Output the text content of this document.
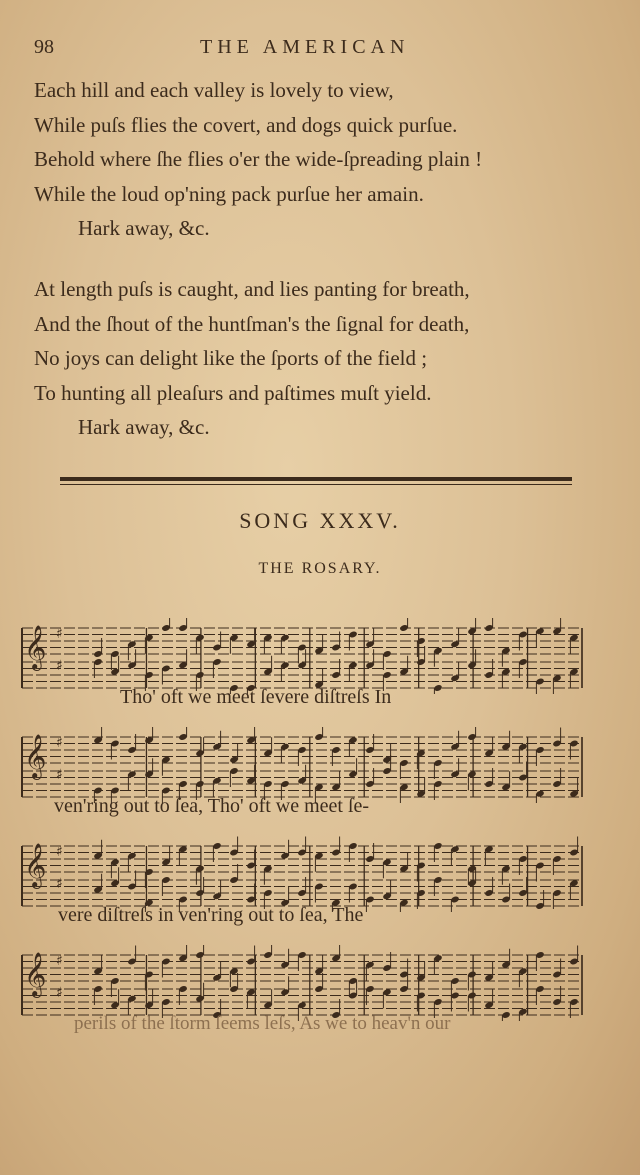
98	THE AMERICAN
Each hill and each valley is lovely to view,
While puſs flies the covert, and dogs quick purſue.
Behold where ſhe flies o'er the wide-ſpreading plain !
While the loud op'ning pack purſue her amain.
Hark away, &c.
At length puſs is caught, and lies panting for breath,
And the ſhout of the huntſman's the ſignal for death,
No joys can delight like the ſports of the field ;
To hunting all pleaſurs and paſtimes muſt yield.
Hark away, &c.
SONG XXXV.
THE ROSARY.
𝄞 ♯
♯
Tho' oft we meet ſevere diſtreſs In
𝄞 ♯
♯
ven'ring out to ſea, Tho' oft we meet ſe-
𝄞 ♯
♯
vere diſtreſs in ven'ring out to ſea, The
𝄞 ♯
♯
perils of the ſtorm ſeems leſs, As we to heav'n our
